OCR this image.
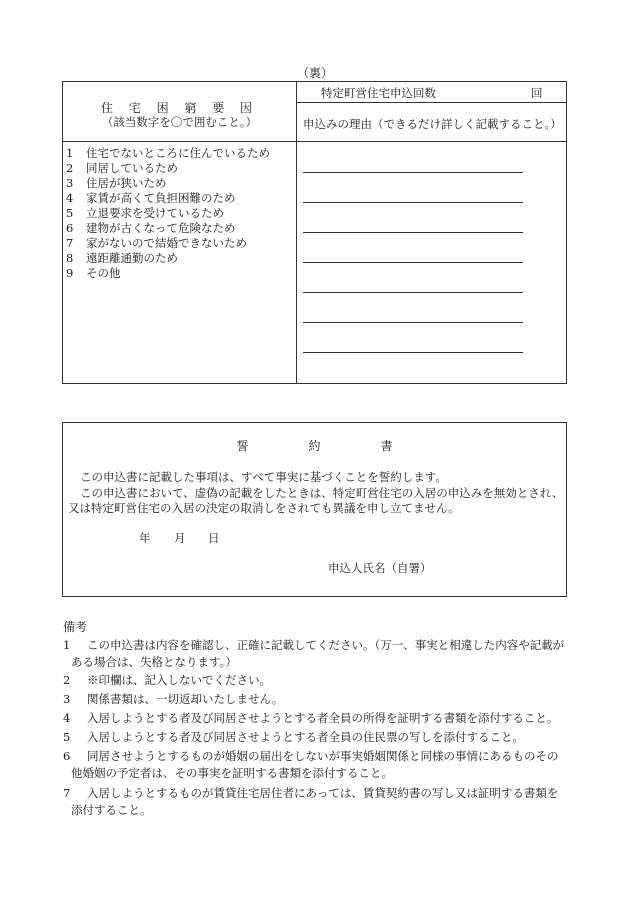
（裏）
住 宅 困 窮 要 因
（該当数字を〇で囲むこと。）
特定町営住宅申込回数	回
申込みの理由（できるだけ詳しく記載すること。）
1 住宅でないところに住んでいるため
2 同居しているため
3 住居が狭いため
4 家賃が高くて負担困難のため
5 立退要求を受けているため
6 建物が古くなって危険なため
7 家がないので結婚できないため
8 遠距離通勤のため
9 その他
誓	約	書
この申込書に記載した事項は、すべて事実に基づくことを誓約します。
この申込書において、虚偽の記載をしたときは、特定町営住宅の入居の申込みを無効とされ、
又は特定町営住宅の入居の決定の取消しをされても異議を申し立てません。
年 月 日
申込人氏名（自署）
備考
1 この申込書は内容を確認し、正確に記載してください。（万一、事実と相違した内容や記載が
ある場合は、失格となります。）
2 ※印欄は、記入しないでください。
3 関係書類は、一切返却いたしません。
4 入居しようとする者及び同居させようとする者全員の所得を証明する書類を添付すること。
5 入居しようとする者及び同居させようとする者全員の住民票の写しを添付すること。
6 同居させようとするものが婚姻の届出をしないが事実婚姻関係と同様の事情にあるものその
他婚姻の予定者は、その事実を証明する書類を添付すること。
7 入居しようとするものが賃貸住宅居住者にあっては、賃貸契約書の写し又は証明する書類を
添付すること。
